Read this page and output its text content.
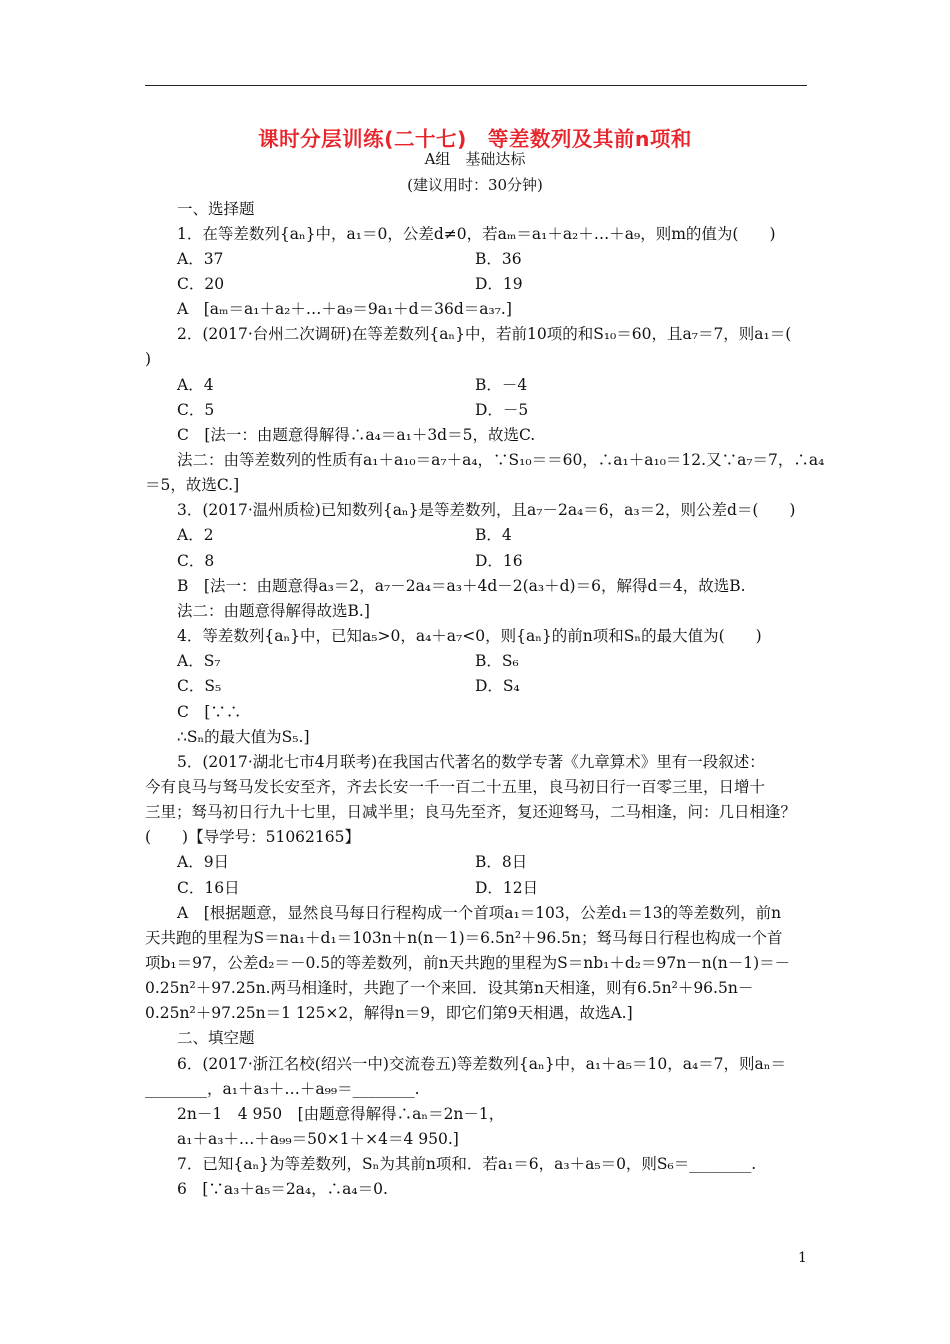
课时分层训练(二十七)　等差数列及其前n项和
A组　基础达标
(建议用时：30分钟)
一、选择题
1．在等差数列{aₙ}中，a₁＝0，公差d≠0，若aₘ＝a₁＋a₂＋…＋a₉，则m的值为(　　)
A．37	B．36
C．20	D．19
A　[aₘ＝a₁＋a₂＋…＋a₉＝9a₁＋d＝36d＝a₃₇.]
2．(2017·台州二次调研)在等差数列{aₙ}中，若前10项的和S₁₀＝60，且a₇＝7，则a₁＝(
)
A．4	B．－4
C．5	D．－5
C　[法一：由题意得解得∴a₄＝a₁＋3d＝5，故选C.
法二：由等差数列的性质有a₁＋a₁₀＝a₇＋a₄，∵S₁₀＝＝60，∴a₁＋a₁₀＝12.又∵a₇＝7，∴a₄
＝5，故选C.]
3．(2017·温州质检)已知数列{aₙ}是等差数列，且a₇－2a₄＝6，a₃＝2，则公差d＝(　　)
A．2	B．4
C．8	D．16
B　[法一：由题意得a₃＝2，a₇－2a₄＝a₃＋4d－2(a₃＋d)＝6，解得d＝4，故选B.
法二：由题意得解得故选B.]
4．等差数列{aₙ}中，已知a₅>0，a₄＋a₇<0，则{aₙ}的前n项和Sₙ的最大值为(　　)
A．S₇	B．S₆
C．S₅	D．S₄
C　[∵∴
∴Sₙ的最大值为S₅.]
5．(2017·湖北七市4月联考)在我国古代著名的数学专著《九章算术》里有一段叙述：
今有良马与驽马发长安至齐，齐去长安一千一百二十五里，良马初日行一百零三里，日增十
三里；驽马初日行九十七里，日减半里；良马先至齐，复还迎驽马，二马相逢，问：几日相逢？
(　　)【导学号：51062165】
A．9日	B．8日
C．16日	D．12日
A　[根据题意，显然良马每日行程构成一个首项a₁＝103，公差d₁＝13的等差数列，前n
天共跑的里程为S＝na₁＋d₁＝103n＋n(n－1)＝6.5n²＋96.5n；驽马每日行程也构成一个首
项b₁＝97，公差d₂＝－0.5的等差数列，前n天共跑的里程为S＝nb₁＋d₂＝97n－n(n－1)＝－
0.25n²＋97.25n.两马相逢时，共跑了一个来回．设其第n天相逢，则有6.5n²＋96.5n－
0.25n²＋97.25n＝1 125×2，解得n＝9，即它们第9天相遇，故选A.]
二、填空题
6．(2017·浙江名校(绍兴一中)交流卷五)等差数列{aₙ}中，a₁＋a₅＝10，a₄＝7，则aₙ＝
________，a₁＋a₃＋…＋a₉₉＝________.
2n－1　4 950　[由题意得解得∴aₙ＝2n－1，
a₁＋a₃＋…＋a₉₉＝50×1＋×4＝4 950.]
7．已知{aₙ}为等差数列，Sₙ为其前n项和．若a₁＝6，a₃＋a₅＝0，则S₆＝________.
6　[∵a₃＋a₅＝2a₄，∴a₄＝0.
1
